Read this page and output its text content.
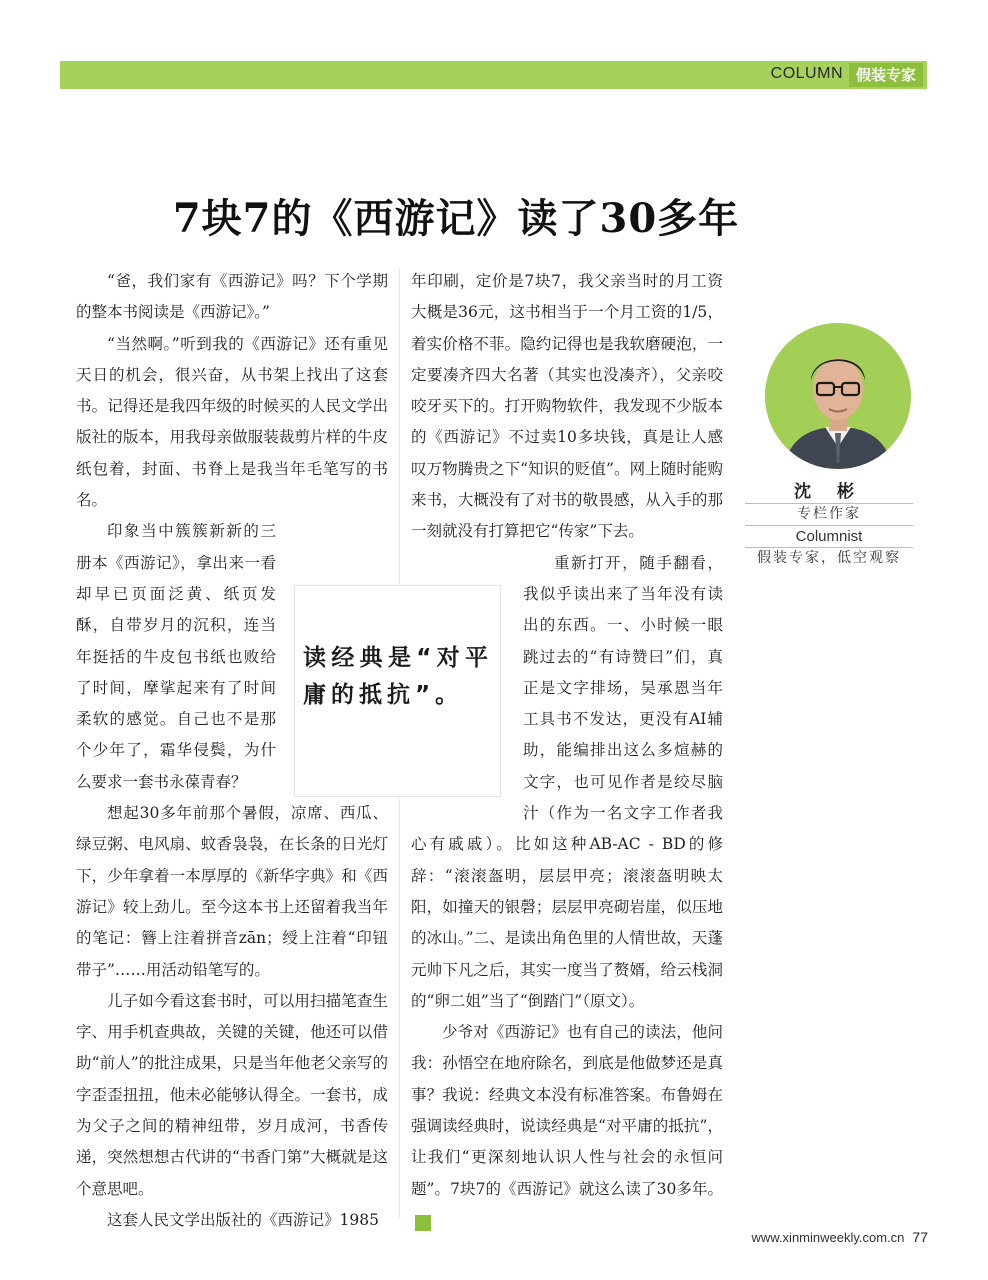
COLUMN 假装专家
7块7的《西游记》读了30多年

“爸，我们家有《西游记》吗？下个学期的整本书阅读是《西游记》。”

“当然啊。”听到我的《西游记》还有重见天日的机会，很兴奋，从书架上找出了这套书。记得还是我四年级的时候买的人民文学出版社的版本，用我母亲做服装裁剪片样的牛皮纸包着，封面、书脊上是我当年毛笔写的书名。

印象当中簇簇新新的三册本《西游记》，拿出来一看却早已页面泛黄、纸页发酥，自带岁月的沉积，连当年挺括的牛皮包书纸也败给了时间，摩挲起来有了时间柔软的感觉。自己也不是那个少年了，霜华侵鬓，为什么要求一套书永葆青春？

想起30多年前那个暑假，凉席、西瓜、绿豆粥、电风扇、蚊香袅袅，在长条的日光灯下，少年拿着一本厚厚的《新华字典》和《西游记》较上劲儿。至今这本书上还留着我当年的笔记：簪上注着拼音zān；绶上注着“印钮带子”……用活动铅笔写的。

儿子如今看这套书时，可以用扫描笔查生字、用手机查典故，关键的关键，他还可以借助“前人”的批注成果，只是当年他老父亲写的字歪歪扭扭，他未必能够认得全。一套书，成为父子之间的精神纽带，岁月成河，书香传递，突然想想古代讲的“书香门第”大概就是这个意思吧。

这套人民文学出版社的《西游记》1985

年印刷，定价是7块7，我父亲当时的月工资大概是36元，这书相当于一个月工资的1/5，着实价格不菲。隐约记得也是我软磨硬泡，一定要凑齐四大名著（其实也没凑齐），父亲咬咬牙买下的。打开购物软件，我发现不少版本的《西游记》不过卖10多块钱，真是让人感叹万物腾贵之下“知识的贬值”。网上随时能购来书，大概没有了对书的敬畏感，从入手的那一刻就没有打算把它“传家”下去。

重新打开，随手翻看，我似乎读出来了当年没有读出的东西。一、小时候一眼跳过去的“有诗赞曰”们，真正是文字排场，吴承恩当年工具书不发达，更没有AI辅助，能编排出这么多煊赫的文字，也可见作者是绞尽脑汁（作为一名文字工作者我心有戚戚）。比如这种AB-AC - BD的修辞：“滚滚盔明，层层甲亮；滚滚盔明映太阳，如撞天的银磬；层层甲亮砌岩崖，似压地的冰山。”二、是读出角色里的人情世故，天蓬元帅下凡之后，其实一度当了赘婿，给云栈洞的“卵二姐”当了“倒踏门”（原文）。

少爷对《西游记》也有自己的读法，他问我：孙悟空在地府除名，到底是他做梦还是真事？我说：经典文本没有标准答案。布鲁姆在强调读经典时，说读经典是“对平庸的抵抗”，让我们“更深刻地认识人性与社会的永恒问题”。7块7的《西游记》就这么读了30多年。民

读经典是“对平庸的抵抗”。
沈 彬
专栏作家
Columnist
假装专家，低空观察
www.xinminweekly.com.cn 77
